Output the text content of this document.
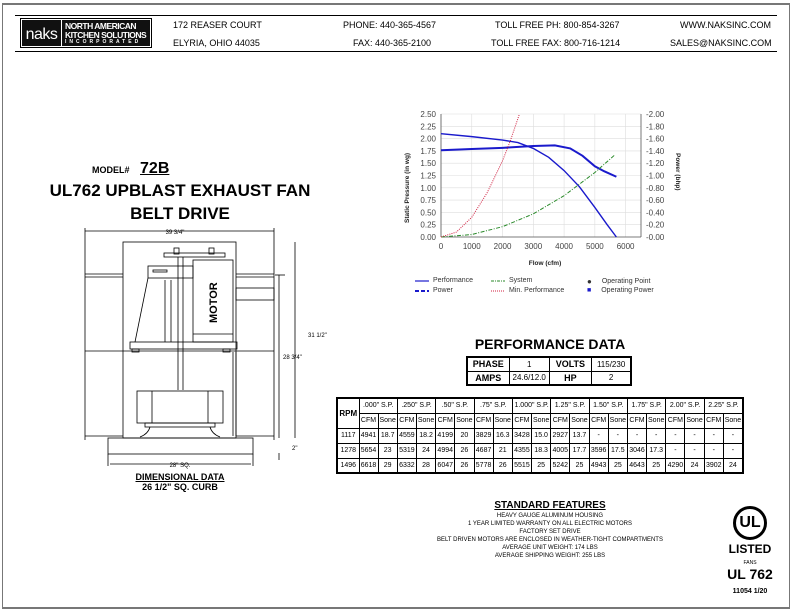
naks NORTH AMERICAN
KITCHEN SOLUTIONS
INCORPORATED
172 REASER COURT
ELYRIA, OHIO 44035
PHONE: 440-365-4567
FAX: 440-365-2100
TOLL FREE PH: 800-854-3267
TOLL FREE FAX: 800-716-1214
WWW.NAKSINC.COM
SALES@NAKSINC.COM
MODEL# 72B
UL762 UPBLAST EXHAUST FAN
BELT DRIVE
39 3/4"
31 1/2"
28 3/4"
2"
28" SQ.
MOTOR
DIMENSIONAL DATA
26 1/2" SQ. CURB
0.00	-0.00
0.25	-0.20
0.50	-0.40
0.75	-0.60
1.00	-0.80
1.25	-1.00
1.50	-1.20
1.75	-1.40
2.00	-1.60
2.25	-1.80
2.50	-2.00
0 1000 2000 3000 4000 5000 6000
Static Pressure (in wg)	Power (bhp)
Flow (cfm)
Performance
Power
System
Min. Performance
● Operating Point
■ Operating Power
PERFORMANCE DATA
PHASE	1	VOLTS	115/230
AMPS	24.6/12.0	HP	2
RPM	.000" S.P.		.250" S.P.		.50" S.P.		.75" S.P.		1.000" S.P.		1.25" S.P.		1.50" S.P.		1.75" S.P.		2.00" S.P.		2.25" S.P.	
	CFM	Sone	CFM	Sone	CFM	Sone	CFM	Sone	CFM	Sone	CFM	Sone	CFM	Sone	CFM	Sone	CFM	Sone	CFM	Sone
1117	4941	18.7	4559	18.2	4199	20	3829	16.3	3428	15.0	2927	13.7	-	-	-	-	-	-	-	-
1278	5654	23	5319	24	4994	26	4687	21	4355	18.3	4005	17.7	3596	17.5	3046	17.3	-	-	-	-
1496	6618	29	6332	28	6047	26	5778	26	5515	25	5242	25	4943	25	4643	25	4290	24	3902	24
STANDARD FEATURES
HEAVY GAUGE ALUMINUM HOUSING
1 YEAR LIMITED WARRANTY ON ALL ELECTRIC MOTORS
FACTORY SET DRIVE
BELT DRIVEN MOTORS ARE ENCLOSED IN WEATHER-TIGHT COMPARTMENTS
AVERAGE UNIT WEIGHT: 174 LBS
AVERAGE SHIPPING WEIGHT: 255 LBS
UL
LISTED
FANS
UL 762
11054 1/20
